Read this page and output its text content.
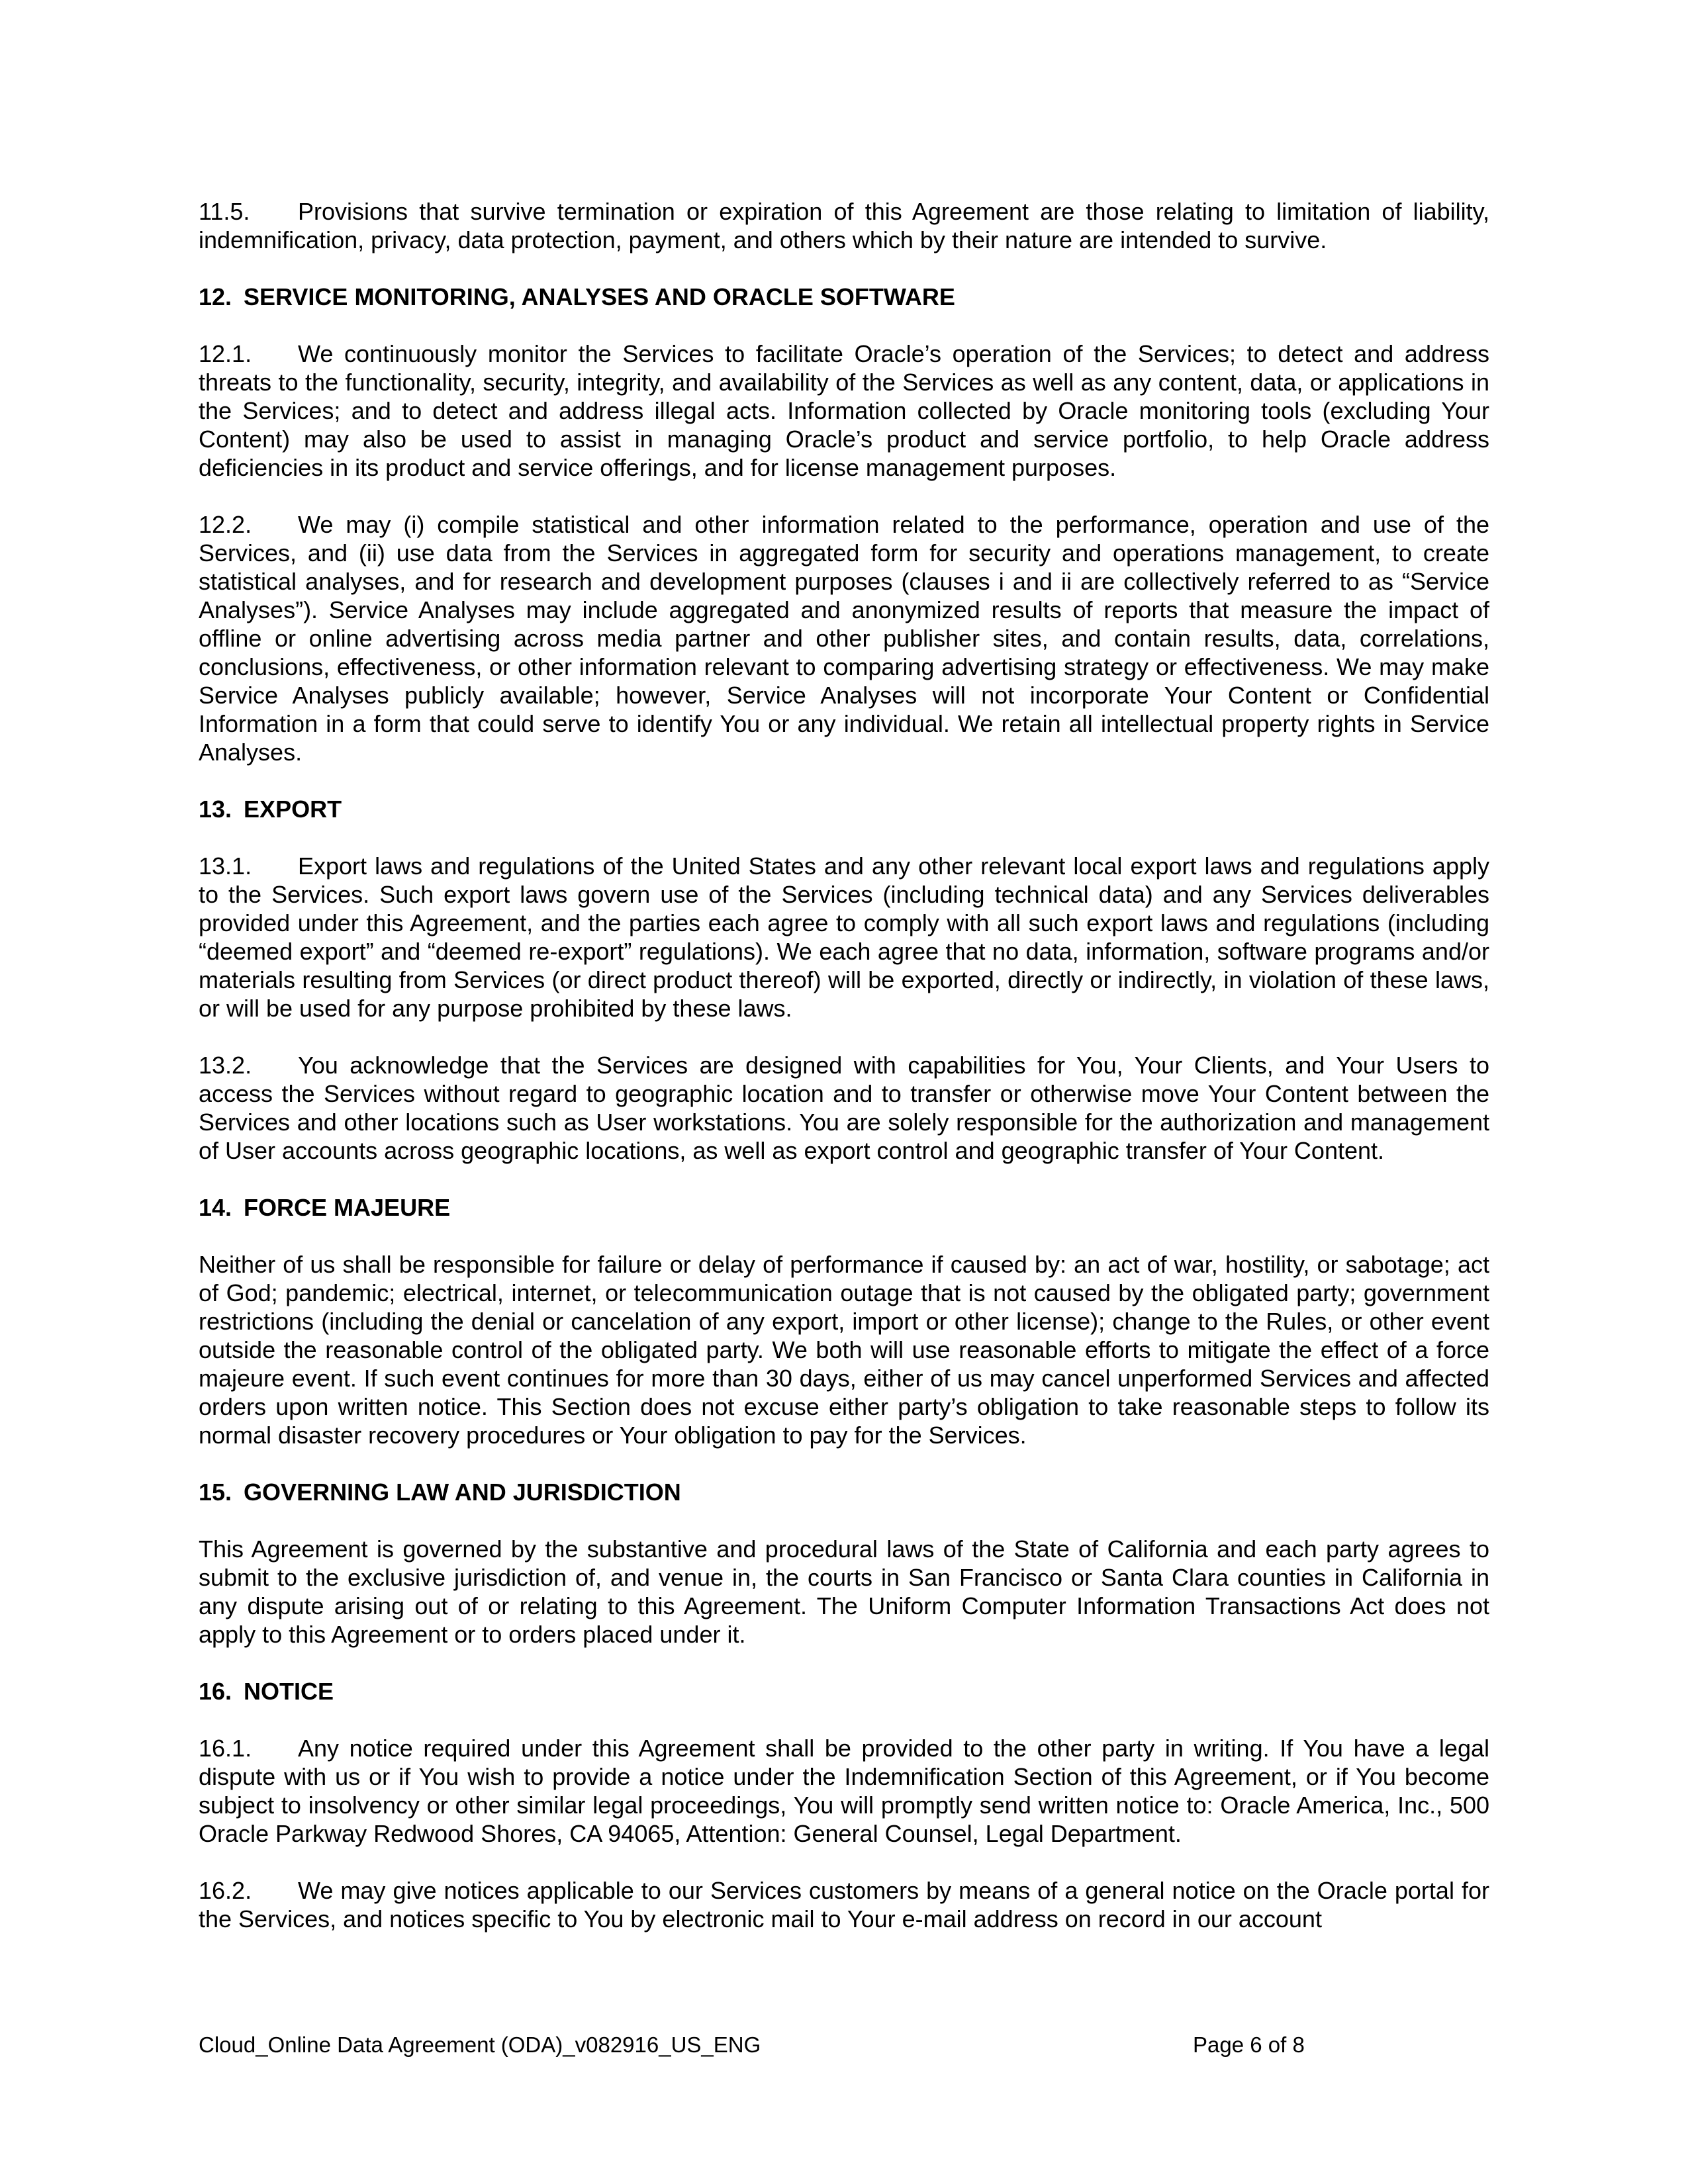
11.5. Provisions that survive termination or expiration of this Agreement are those relating to limitation of liability, indemnification, privacy, data protection, payment, and others which by their nature are intended to survive.

12. SERVICE MONITORING, ANALYSES AND ORACLE SOFTWARE

12.1. We continuously monitor the Services to facilitate Oracle’s operation of the Services; to detect and address threats to the functionality, security, integrity, and availability of the Services as well as any content, data, or applications in the Services; and to detect and address illegal acts. Information collected by Oracle monitoring tools (excluding Your Content) may also be used to assist in managing Oracle’s product and service portfolio, to help Oracle address deficiencies in its product and service offerings, and for license management purposes.

12.2. We may (i) compile statistical and other information related to the performance, operation and use of the Services, and (ii) use data from the Services in aggregated form for security and operations management, to create statistical analyses, and for research and development purposes (clauses i and ii are collectively referred to as “Service Analyses”). Service Analyses may include aggregated and anonymized results of reports that measure the impact of offline or online advertising across media partner and other publisher sites, and contain results, data, correlations, conclusions, effectiveness, or other information relevant to comparing advertising strategy or effectiveness. We may make Service Analyses publicly available; however, Service Analyses will not incorporate Your Content or Confidential Information in a form that could serve to identify You or any individual. We retain all intellectual property rights in Service Analyses.

13. EXPORT

13.1. Export laws and regulations of the United States and any other relevant local export laws and regulations apply to the Services. Such export laws govern use of the Services (including technical data) and any Services deliverables provided under this Agreement, and the parties each agree to comply with all such export laws and regulations (including “deemed export” and “deemed re-export” regulations). We each agree that no data, information, software programs and/or materials resulting from Services (or direct product thereof) will be exported, directly or indirectly, in violation of these laws, or will be used for any purpose prohibited by these laws.

13.2. You acknowledge that the Services are designed with capabilities for You, Your Clients, and Your Users to access the Services without regard to geographic location and to transfer or otherwise move Your Content between the Services and other locations such as User workstations. You are solely responsible for the authorization and management of User accounts across geographic locations, as well as export control and geographic transfer of Your Content.

14. FORCE MAJEURE

Neither of us shall be responsible for failure or delay of performance if caused by: an act of war, hostility, or sabotage; act of God; pandemic; electrical, internet, or telecommunication outage that is not caused by the obligated party; government restrictions (including the denial or cancelation of any export, import or other license); change to the Rules, or other event outside the reasonable control of the obligated party. We both will use reasonable efforts to mitigate the effect of a force majeure event. If such event continues for more than 30 days, either of us may cancel unperformed Services and affected orders upon written notice. This Section does not excuse either party’s obligation to take reasonable steps to follow its normal disaster recovery procedures or Your obligation to pay for the Services.

15. GOVERNING LAW AND JURISDICTION

This Agreement is governed by the substantive and procedural laws of the State of California and each party agrees to submit to the exclusive jurisdiction of, and venue in, the courts in San Francisco or Santa Clara counties in California in any dispute arising out of or relating to this Agreement. The Uniform Computer Information Transactions Act does not apply to this Agreement or to orders placed under it.

16. NOTICE

16.1. Any notice required under this Agreement shall be provided to the other party in writing. If You have a legal dispute with us or if You wish to provide a notice under the Indemnification Section of this Agreement, or if You become subject to insolvency or other similar legal proceedings, You will promptly send written notice to: Oracle America, Inc., 500 Oracle Parkway Redwood Shores, CA 94065, Attention: General Counsel, Legal Department.

16.2. We may give notices applicable to our Services customers by means of a general notice on the Oracle portal for the Services, and notices specific to You by electronic mail to Your e-mail address on record in our account

Cloud_Online Data Agreement (ODA)_v082916_US_ENG	Page 6 of 8
